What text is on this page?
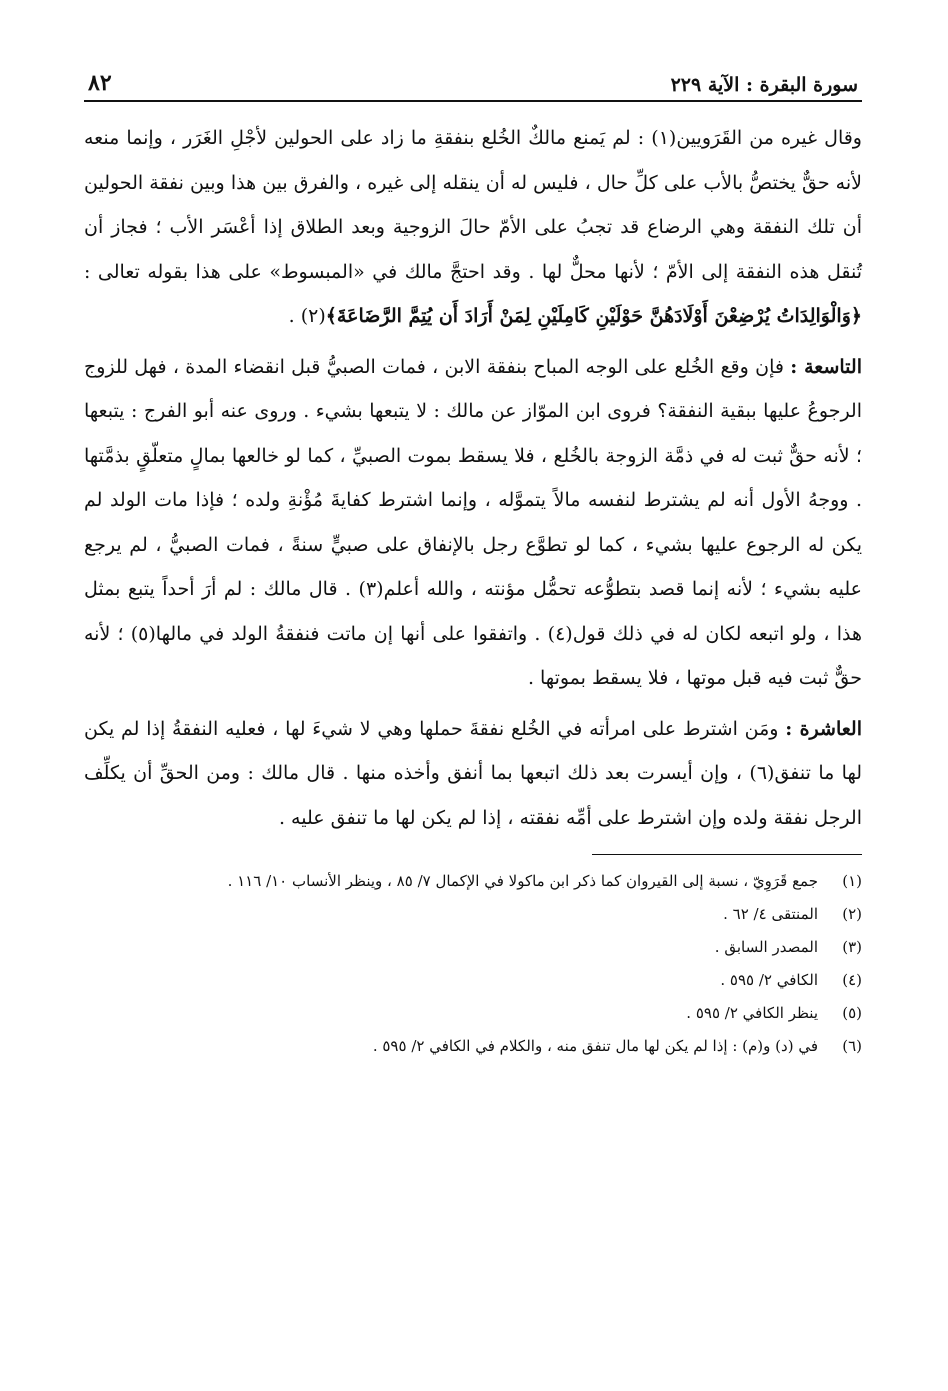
سورة البقرة : الآية ٢٢٩
٨٢

وقال غيره من القَرَويين(١) : لم يَمنع مالكٌ الخُلع بنفقةِ ما زاد على الحولين لأجْلِ الغَرَر ، وإنما منعه لأنه حقٌّ يختصُّ بالأب على كلِّ حال ، فليس له أن ينقله إلى غيره ، والفرق بين هذا وبين نفقة الحولين أن تلك النفقة وهي الرضاع قد تجبُ على الأمّ حالَ الزوجية وبعد الطلاق إذا أعْسَر الأب ؛ فجاز أن تُنقل هذه النفقة إلى الأمّ ؛ لأنها محلٌّ لها . وقد احتجَّ مالك في «المبسوط» على هذا بقوله تعالى : ﴿وَالْوَالِدَاتُ يُرْضِعْنَ أَوْلَادَهُنَّ حَوْلَيْنِ كَامِلَيْنِ لِمَنْ أَرَادَ أَن يُتِمَّ الرَّضَاعَةَ﴾(٢) .

التاسعة : فإن وقع الخُلع على الوجه المباح بنفقة الابن ، فمات الصبيُّ قبل انقضاء المدة ، فهل للزوج الرجوعُ عليها ببقية النفقة؟ فروى ابن الموّاز عن مالك : لا يتبعها بشيء . وروى عنه أبو الفرج : يتبعها ؛ لأنه حقٌّ ثبت له في ذمَّة الزوجة بالخُلع ، فلا يسقط بموت الصبيِّ ، كما لو خالعها بمالٍ متعلّقٍ بذمَّتها . ووجهُ الأول أنه لم يشترط لنفسه مالاً يتموَّله ، وإنما اشترط كفايةَ مُؤْنةِ ولده ؛ فإذا مات الولد لم يكن له الرجوع عليها بشيء ، كما لو تطوَّع رجل بالإنفاق على صبيٍّ سنةً ، فمات الصبيُّ ، لم يرجع عليه بشيء ؛ لأنه إنما قصد بتطوُّعه تحمُّل مؤنته ، والله أعلم(٣) . قال مالك : لم أرَ أحداً يتبع بمثل هذا ، ولو اتبعه لكان له في ذلك قول(٤) . واتفقوا على أنها إن ماتت فنفقةُ الولد في مالها(٥) ؛ لأنه حقٌّ ثبت فيه قبل موتها ، فلا يسقط بموتها .

العاشرة : ومَن اشترط على امرأته في الخُلع نفقةَ حملها وهي لا شيءَ لها ، فعليه النفقةُ إذا لم يكن لها ما تنفق(٦) ، وإن أيسرت بعد ذلك اتبعها بما أنفق وأخذه منها . قال مالك : ومن الحقِّ أن يكلِّف الرجل نفقة ولده وإن اشترط على أمِّه نفقته ، إذا لم يكن لها ما تنفق عليه .

(١)
جمع قَرَوِيّ ، نسبة إلى القيروان كما ذكر ابن ماكولا في الإكمال ٧/ ٨٥ ، وينظر الأنساب ١٠/ ١١٦ .
(٢)
المنتقى ٤/ ٦٢ .
(٣)
المصدر السابق .
(٤)
الكافي ٢/ ٥٩٥ .
(٥)
ينظر الكافي ٢/ ٥٩٥ .
(٦)
في (د) و(م) : إذا لم يكن لها مال تنفق منه ، والكلام في الكافي ٢/ ٥٩٥ .
